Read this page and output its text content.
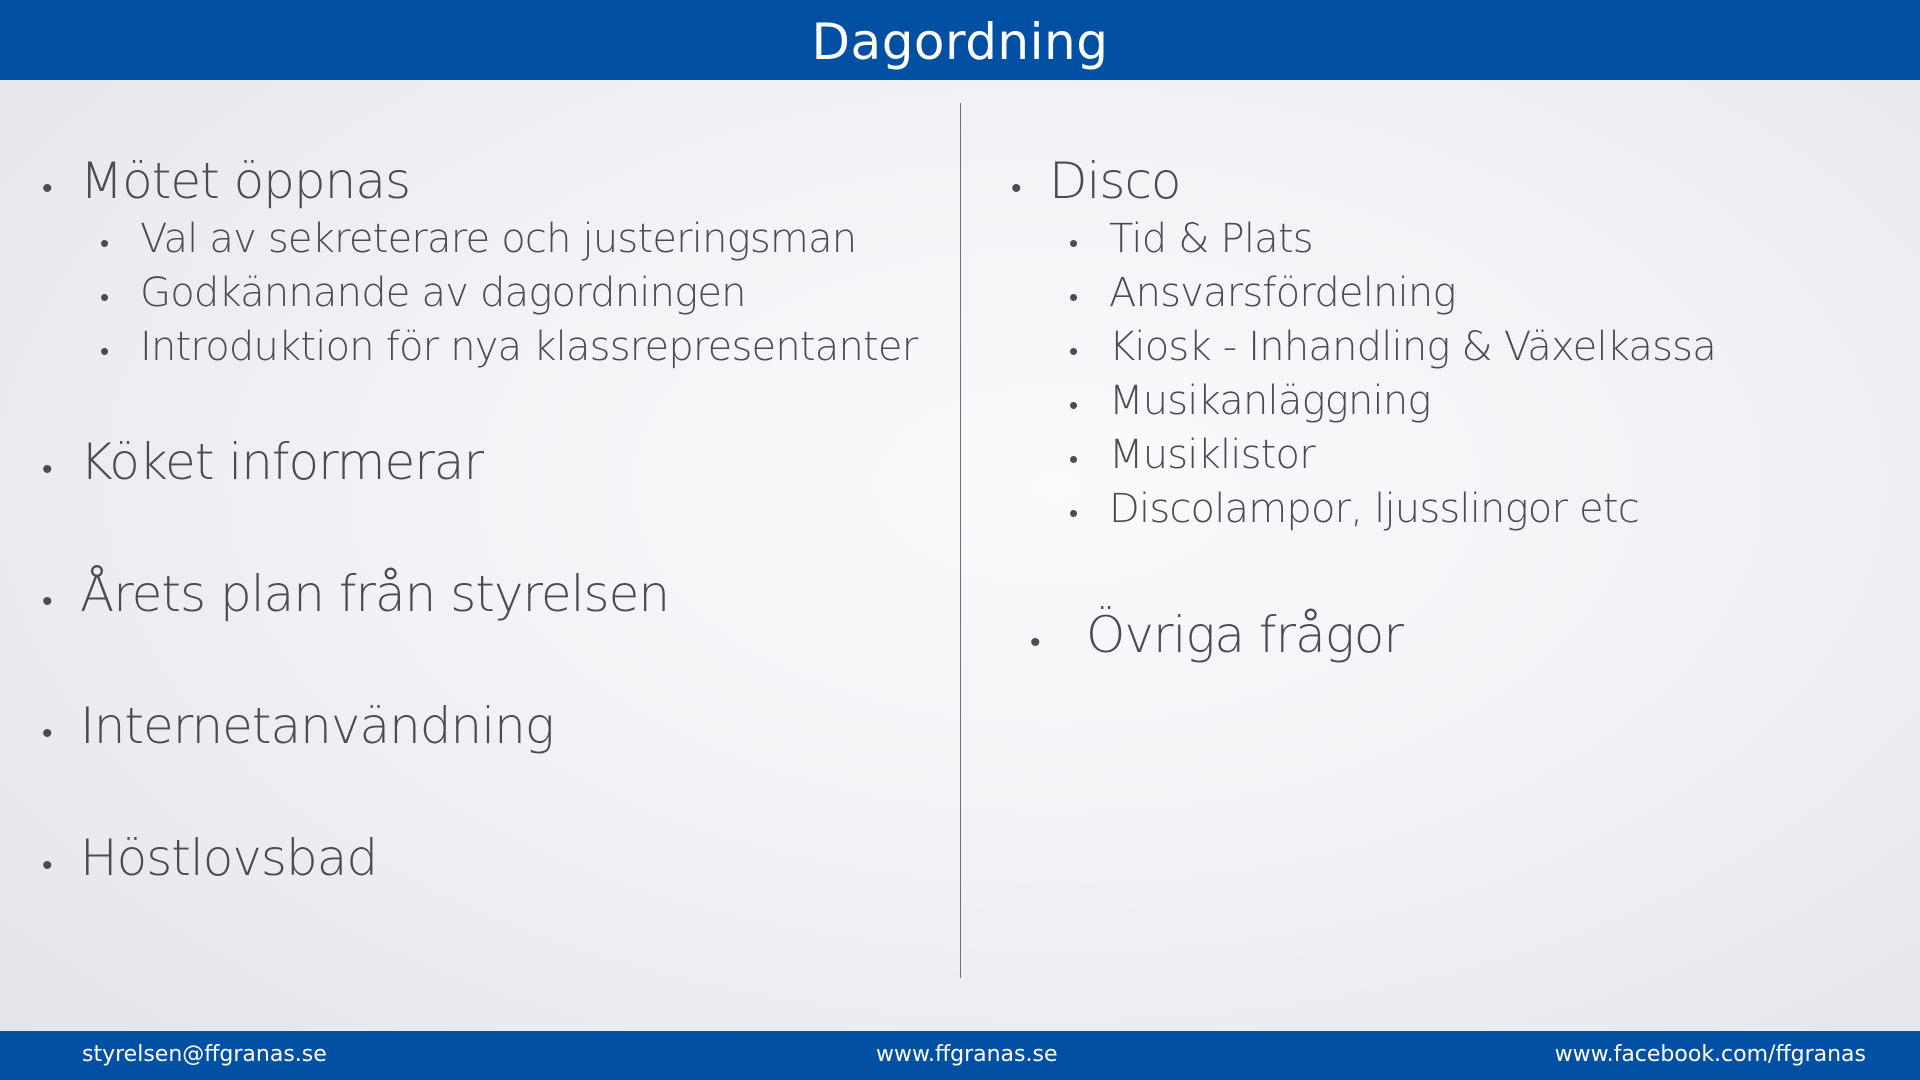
Dagordning
• Mötet öppnas
• Val av sekreterare och justeringsman
• Godkännande av dagordningen
• Introduktion för nya klassrepresentanter
• Köket informerar
• Årets plan från styrelsen
• Internetanvändning
• Höstlovsbad
• Disco
• Tid & Plats
• Ansvarsfördelning
• Kiosk - Inhandling & Växelkassa
• Musikanläggning
• Musiklistor
• Discolampor, ljusslingor etc
• Övriga frågor
styrelsen@ffgranas.se	www.ffgranas.se	www.facebook.com/ffgranas
